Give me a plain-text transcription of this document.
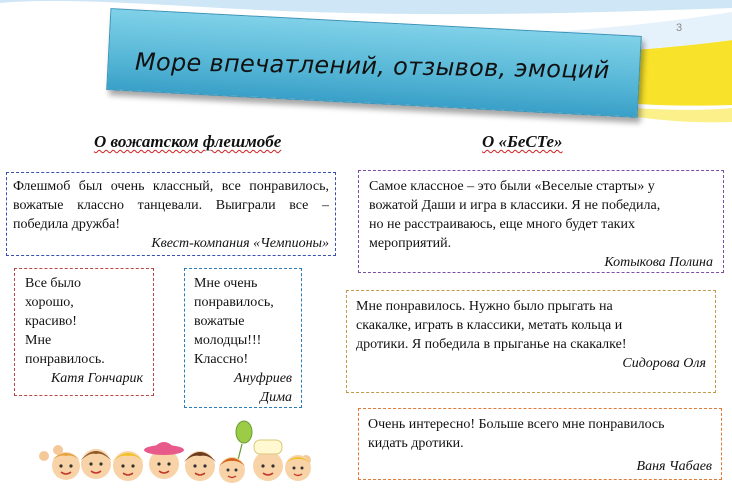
3
Море впечатлений, отзывов, эмоций
О вожатском флешмобе	О «БеСТе»
Флешмоб был очень классный, все понравилось, вожатые классно танцевали. Выиграли все – победила дружба!
Квест-компания «Чемпионы»
Самое классное – это были «Веселые старты» у
вожатой Даши и игра в классики. Я не победила,
но не расстраиваюсь, еще много будет таких
мероприятий.
Котыкова Полина
Все было
хорошо,
красиво!
Мне
понравилось.
Катя Гончарик
Мне очень
понравилось,
вожатые
молодцы!!!
Классно!
Ануфриев
Дима
Мне понравилось. Нужно было прыгать на
скакалке, играть в классики, метать кольца и
дротики. Я победила в прыганье на скакалке!
Сидорова Оля
Очень интересно! Больше всего мне понравилось
кидать дротики.
Ваня Чабаев
